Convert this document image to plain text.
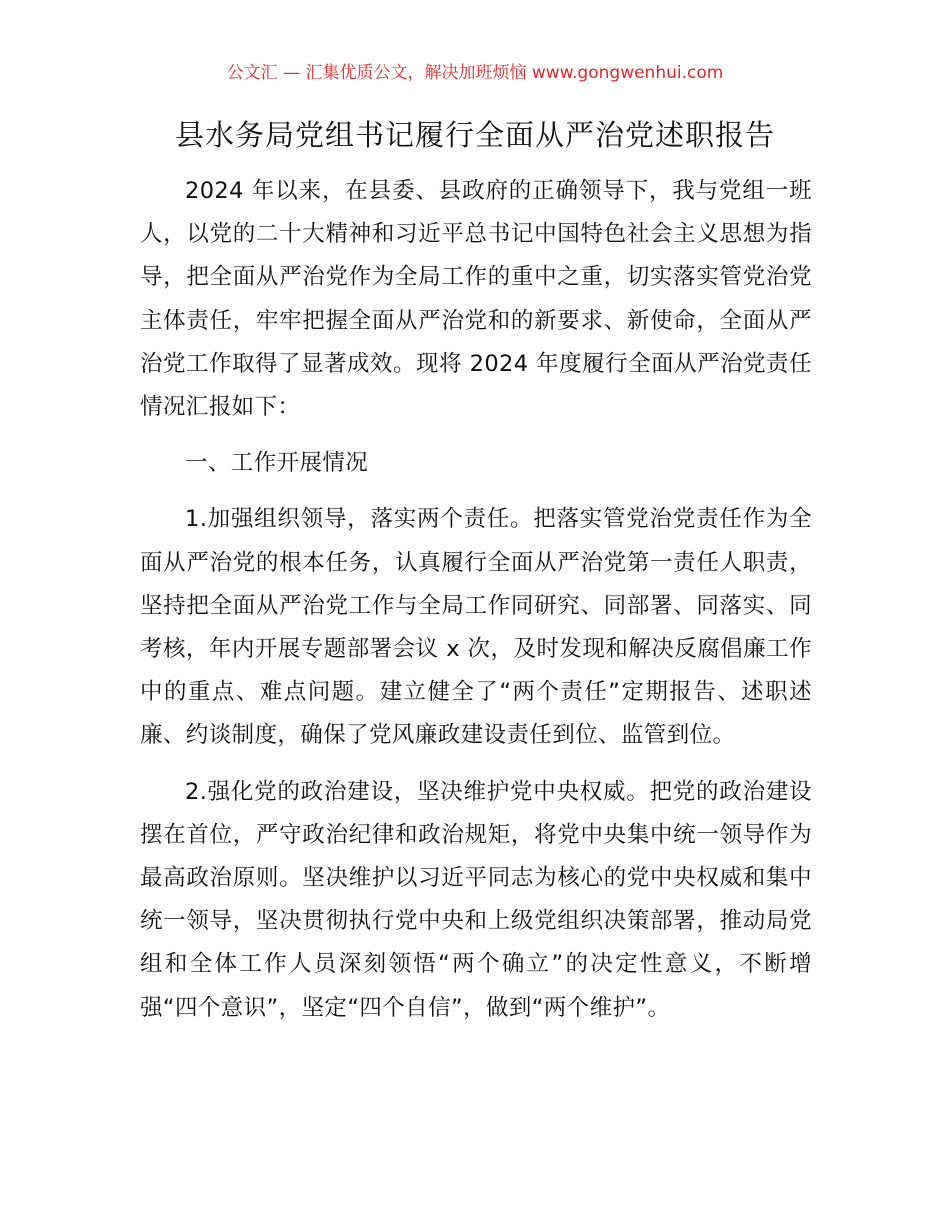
公文汇 — 汇集优质公文，解决加班烦恼 www.gongwenhui.com
县水务局党组书记履行全面从严治党述职报告

2024 年以来，在县委、县政府的正确领导下，我与党组一班人，以党的二十大精神和习近平总书记中国特色社会主义思想为指导，把全面从严治党作为全局工作的重中之重，切实落实管党治党主体责任，牢牢把握全面从严治党和的新要求、新使命，全面从严治党工作取得了显著成效。现将 2024 年度履行全面从严治党责任情况汇报如下：

一、工作开展情况

1.加强组织领导，落实两个责任。把落实管党治党责任作为全面从严治党的根本任务，认真履行全面从严治党第一责任人职责，坚持把全面从严治党工作与全局工作同研究、同部署、同落实、同考核，年内开展专题部署会议 x 次，及时发现和解决反腐倡廉工作中的重点、难点问题。建立健全了“两个责任”定期报告、述职述廉、约谈制度，确保了党风廉政建设责任到位、监管到位。

2.强化党的政治建设，坚决维护党中央权威。把党的政治建设摆在首位，严守政治纪律和政治规矩，将党中央集中统一领导作为最高政治原则。坚决维护以习近平同志为核心的党中央权威和集中统一领导，坚决贯彻执行党中央和上级党组织决策部署，推动局党组和全体工作人员深刻领悟“两个确立”的决定性意义，不断增强“四个意识”，坚定“四个自信”，做到“两个维护”。
